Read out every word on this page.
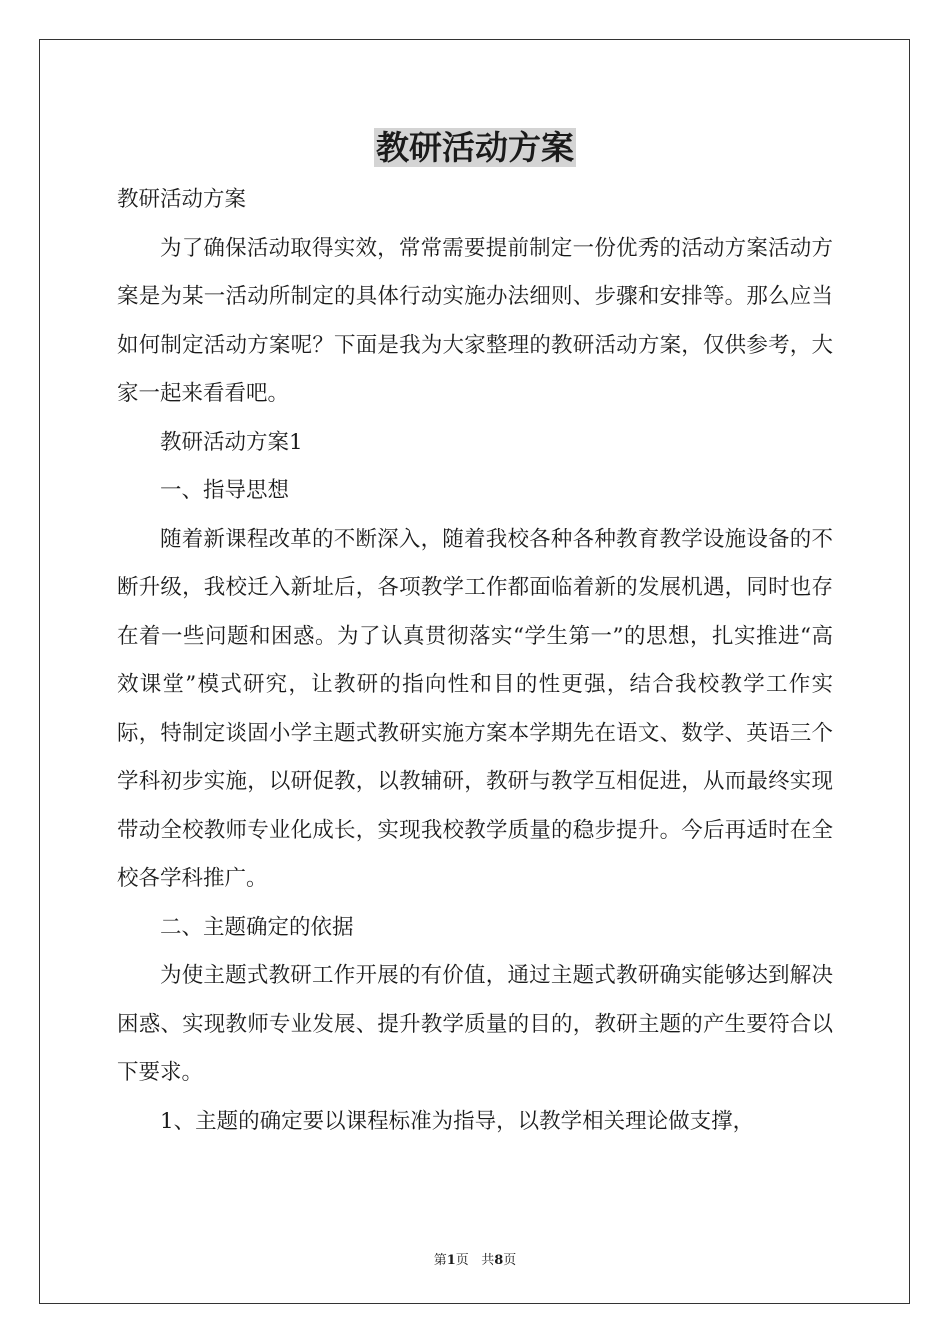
教研活动方案

教研活动方案

为了确保活动取得实效，常常需要提前制定一份优秀的活动方案活动方案是为某一活动所制定的具体行动实施办法细则、步骤和安排等。那么应当如何制定活动方案呢？下面是我为大家整理的教研活动方案，仅供参考，大家一起来看看吧。

教研活动方案1

一、指导思想

随着新课程改革的不断深入，随着我校各种各种教育教学设施设备的不断升级，我校迁入新址后，各项教学工作都面临着新的发展机遇，同时也存在着一些问题和困惑。为了认真贯彻落实“学生第一”的思想，扎实推进“高效课堂”模式研究，让教研的指向性和目的性更强，结合我校教学工作实际，特制定谈固小学主题式教研实施方案本学期先在语文、数学、英语三个学科初步实施，以研促教，以教辅研，教研与教学互相促进，从而最终实现带动全校教师专业化成长，实现我校教学质量的稳步提升。今后再适时在全校各学科推广。

二、主题确定的依据

为使主题式教研工作开展的有价值，通过主题式教研确实能够达到解决困惑、实现教师专业发展、提升教学质量的目的，教研主题的产生要符合以下要求。

1、主题的确定要以课程标准为指导，以教学相关理论做支撑，

第1页 共8页
